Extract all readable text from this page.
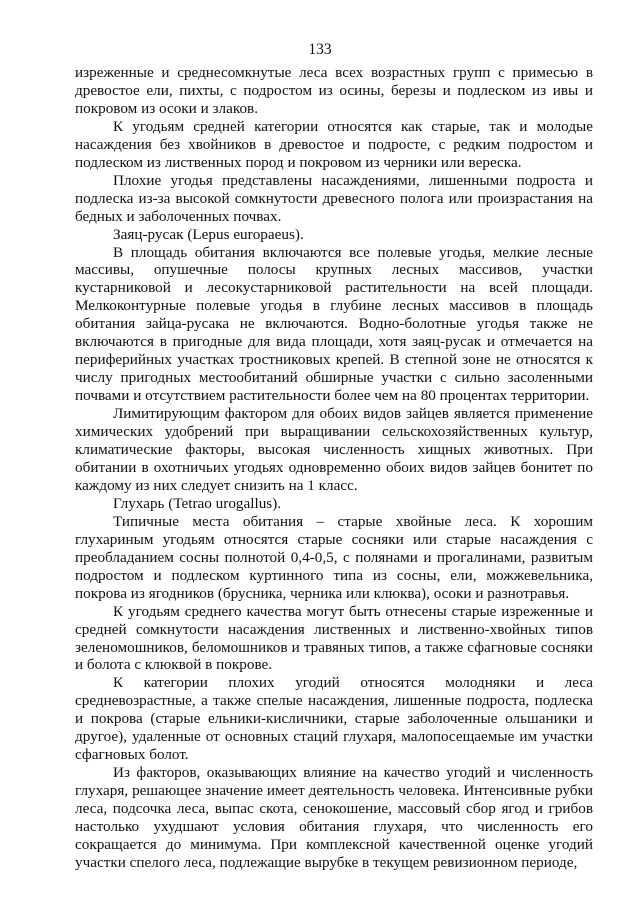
133

изреженные и среднесомкнутые леса всех возрастных групп с примесью в древостое ели, пихты, с подростом из осины, березы и подлеском из ивы и покровом из осоки и злаков.

К угодьям средней категории относятся как старые, так и молодые насаждения без хвойников в древостое и подросте, с редким подростом и подлеском из лиственных пород и покровом из черники или вереска.

Плохие угодья представлены насаждениями, лишенными подроста и подлеска из-за высокой сомкнутости древесного полога или произрастания на бедных и заболоченных почвах.

Заяц-русак (Lepus europaeus).

В площадь обитания включаются все полевые угодья, мелкие лесные массивы, опушечные полосы крупных лесных массивов, участки кустарниковой и лесокустарниковой растительности на всей площади. Мелкоконтурные полевые угодья в глубине лесных массивов в площадь обитания зайца-русака не включаются. Водно-болотные угодья также не включаются в пригодные для вида площади, хотя заяц-русак и отмечается на периферийных участках тростниковых крепей. В степной зоне не относятся к числу пригодных местообитаний обширные участки с сильно засоленными почвами и отсутствием растительности более чем на 80 процентах территории.

Лимитирующим фактором для обоих видов зайцев является применение химических удобрений при выращивании сельскохозяйственных культур, климатические факторы, высокая численность хищных животных. При обитании в охотничьих угодьях одновременно обоих видов зайцев бонитет по каждому из них следует снизить на 1 класс.

Глухарь (Tetrao urogallus).

Типичные места обитания – старые хвойные леса. К хорошим глухариным угодьям относятся старые сосняки или старые насаждения с преобладанием сосны полнотой 0,4-0,5, с полянами и прогалинами, развитым подростом и подлеском куртинного типа из сосны, ели, можжевельника, покрова из ягодников (брусника, черника или клюква), осоки и разнотравья.

К угодьям среднего качества могут быть отнесены старые изреженные и средней сомкнутости насаждения лиственных и лиственно-хвойных типов зеленомошников, беломошников и травяных типов, а также сфагновые сосняки и болота с клюквой в покрове.

К категории плохих угодий относятся молодняки и леса средневозрастные, а также спелые насаждения, лишенные подроста, подлеска и покрова (старые ельники-кисличники, старые заболоченные ольшаники и другое), удаленные от основных стаций глухаря, малопосещаемые им участки сфагновых болот.

Из факторов, оказывающих влияние на качество угодий и численность глухаря, решающее значение имеет деятельность человека. Интенсивные рубки леса, подсочка леса, выпас скота, сенокошение, массовый сбор ягод и грибов настолько ухудшают условия обитания глухаря, что численность его сокращается до минимума. При комплексной качественной оценке угодий участки спелого леса, подлежащие вырубке в текущем ревизионном периоде,
